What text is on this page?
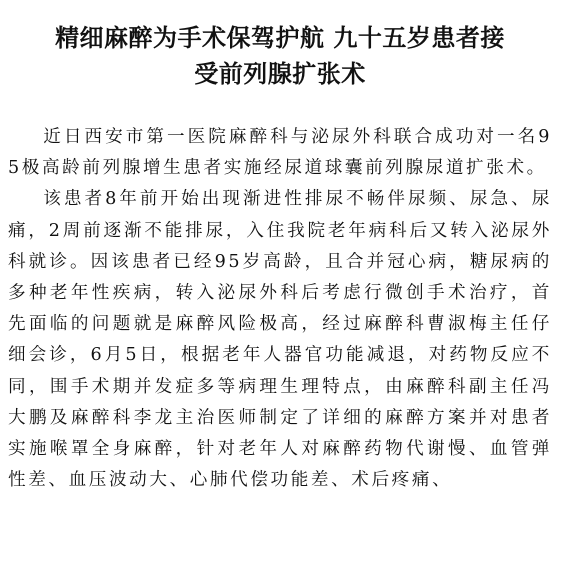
精细麻醉为手术保驾护航 九十五岁患者接
受前列腺扩张术

近日西安市第一医院麻醉科与泌尿外科联合成功对一名95极高龄前列腺增生患者实施经尿道球囊前列腺尿道扩张术。

该患者8年前开始出现渐进性排尿不畅伴尿频、尿急、尿痛，2周前逐渐不能排尿，入住我院老年病科后又转入泌尿外科就诊。因该患者已经95岁高龄，且合并冠心病，糖尿病的多种老年性疾病，转入泌尿外科后考虑行微创手术治疗，首先面临的问题就是麻醉风险极高，经过麻醉科曹淑梅主任仔细会诊，6月5日，根据老年人器官功能减退，对药物反应不同，围手术期并发症多等病理生理特点，由麻醉科副主任冯大鹏及麻醉科李龙主治医师制定了详细的麻醉方案并对患者实施喉罩全身麻醉，针对老年人对麻醉药物代谢慢、血管弹性差、血压波动大、心肺代偿功能差、术后疼痛、
